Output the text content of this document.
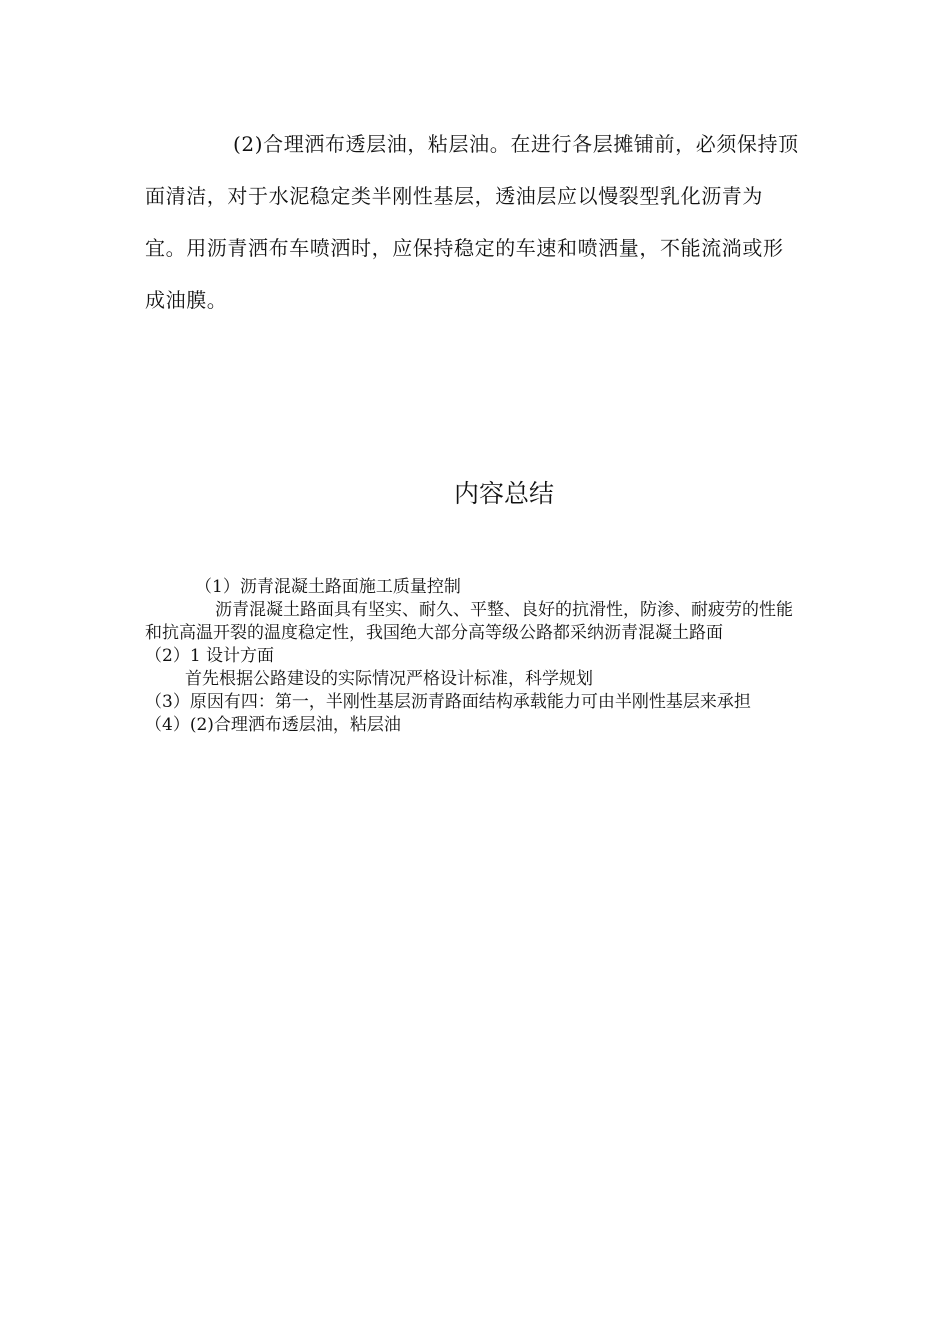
(2)合理洒布透层油，粘层油。在进行各层摊铺前，必须保持顶面清洁，对于水泥稳定类半刚性基层，透油层应以慢裂型乳化沥青为宜。用沥青洒布车喷洒时，应保持稳定的车速和喷洒量，不能流淌或形成油膜。

内容总结
（1）沥青混凝土路面施工质量控制
沥青混凝土路面具有坚实、耐久、平整、良好的抗滑性，防渗、耐疲劳的性能和抗高温开裂的温度稳定性，我国绝大部分高等级公路都采纳沥青混凝土路面
（2）1 设计方面
首先根据公路建设的实际情况严格设计标准，科学规划
（3）原因有四：第一，半刚性基层沥青路面结构承载能力可由半刚性基层来承担
（4）(2)合理洒布透层油，粘层油
